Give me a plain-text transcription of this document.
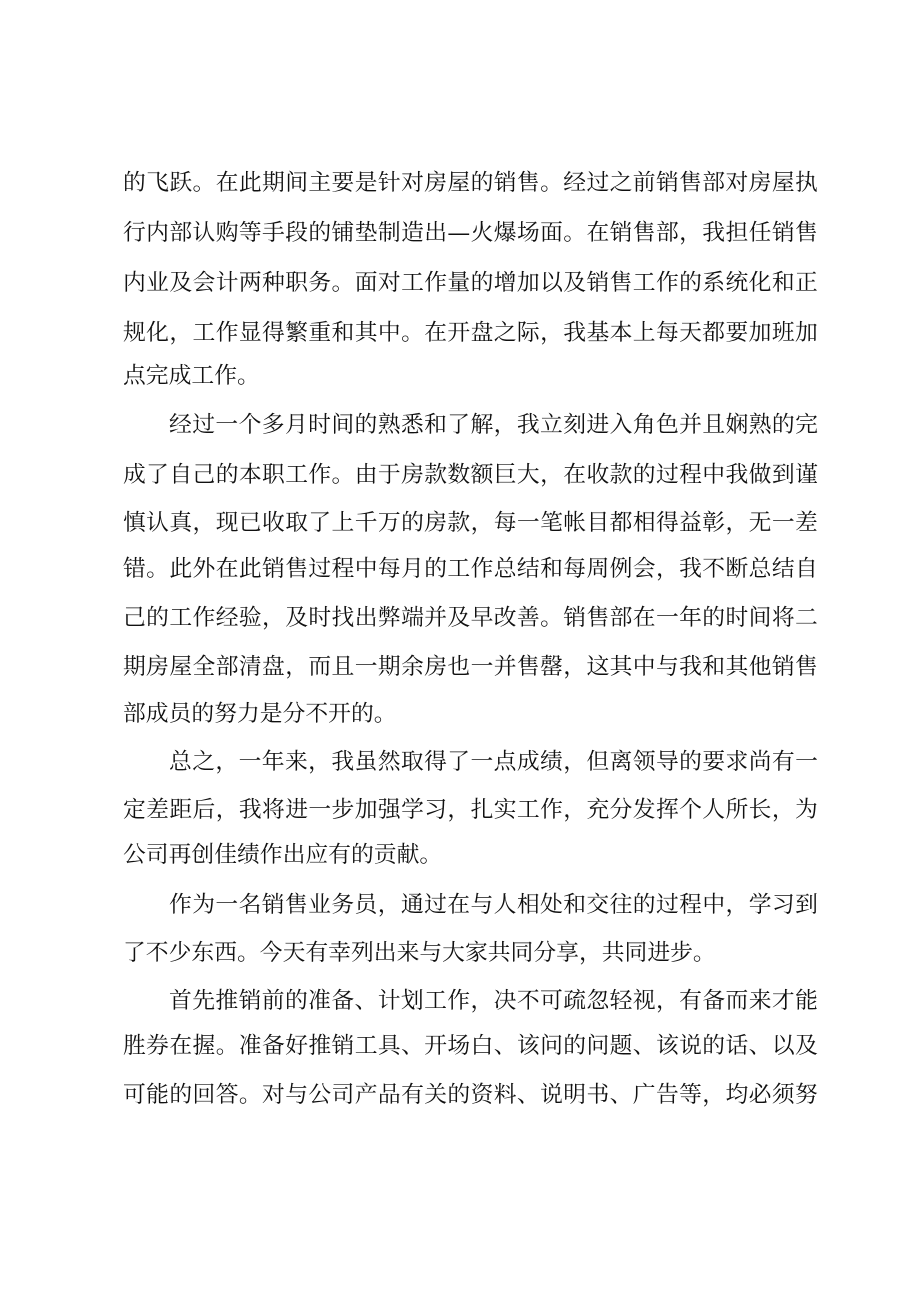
的 飞 跃 。 在 此 期 间 主 要 是 针 对 房 屋 的 销 售 。 经 过 之 前 销 售 部 对 房 屋 执
行 内 部 认 购 等 手 段 的 铺 垫 制 造 出 — 火 爆 场 面 。 在 销 售 部 ， 我 担 任 销 售
内 业 及 会 计 两 种 职 务 。 面 对 工 作 量 的 增 加 以 及 销 售 工 作 的 系 统 化 和 正
规 化 ， 工 作 显 得 繁 重 和 其 中 。 在 开 盘 之 际 ， 我 基 本 上 每 天 都 要 加 班 加
点完成工作。
经 过 一 个 多 月 时 间 的 熟 悉 和 了 解 ， 我 立 刻 进 入 角 色 并 且 娴 熟 的 完
成 了 自 己 的 本 职 工 作 。 由 于 房 款 数 额 巨 大 ， 在 收 款 的 过 程 中 我 做 到 谨
慎 认 真 ， 现 已 收 取 了 上 千 万 的 房 款 ， 每 一 笔 帐 目 都 相 得 益 彰 ， 无 一 差
错 。 此 外 在 此 销 售 过 程 中 每 月 的 工 作 总 结 和 每 周 例 会 ， 我 不 断 总 结 自
己 的 工 作 经 验 ， 及 时 找 出 弊 端 并 及 早 改 善 。 销 售 部 在 一 年 的 时 间 将 二
期 房 屋 全 部 清 盘 ， 而 且 一 期 余 房 也 一 并 售 罄 ， 这 其 中 与 我 和 其 他 销 售
部成员的努力是分不开的。
总 之 ， 一 年 来 ， 我 虽 然 取 得 了 一 点 成 绩 ， 但 离 领 导 的 要 求 尚 有 一
定 差 距 后 ， 我 将 进 一 步 加 强 学 习 ， 扎 实 工 作 ， 充 分 发 挥 个 人 所 长 ， 为
公司再创佳绩作出应有的贡献。
作 为 一 名 销 售 业 务 员 ， 通 过 在 与 人 相 处 和 交 往 的 过 程 中 ， 学 习 到
了不少东西。今天有幸列出来与大家共同分享，共同进步。
首 先 推 销 前 的 准 备 、 计 划 工 作 ， 决 不 可 疏 忽 轻 视 ， 有 备 而 来 才 能
胜 券 在 握 。 准 备 好 推 销 工 具 、 开 场 白 、 该 问 的 问 题 、 该 说 的 话 、 以 及
可 能 的 回 答 。 对 与 公 司 产 品 有 关 的 资 料 、 说 明 书 、 广 告 等 ， 均 必 须 努
